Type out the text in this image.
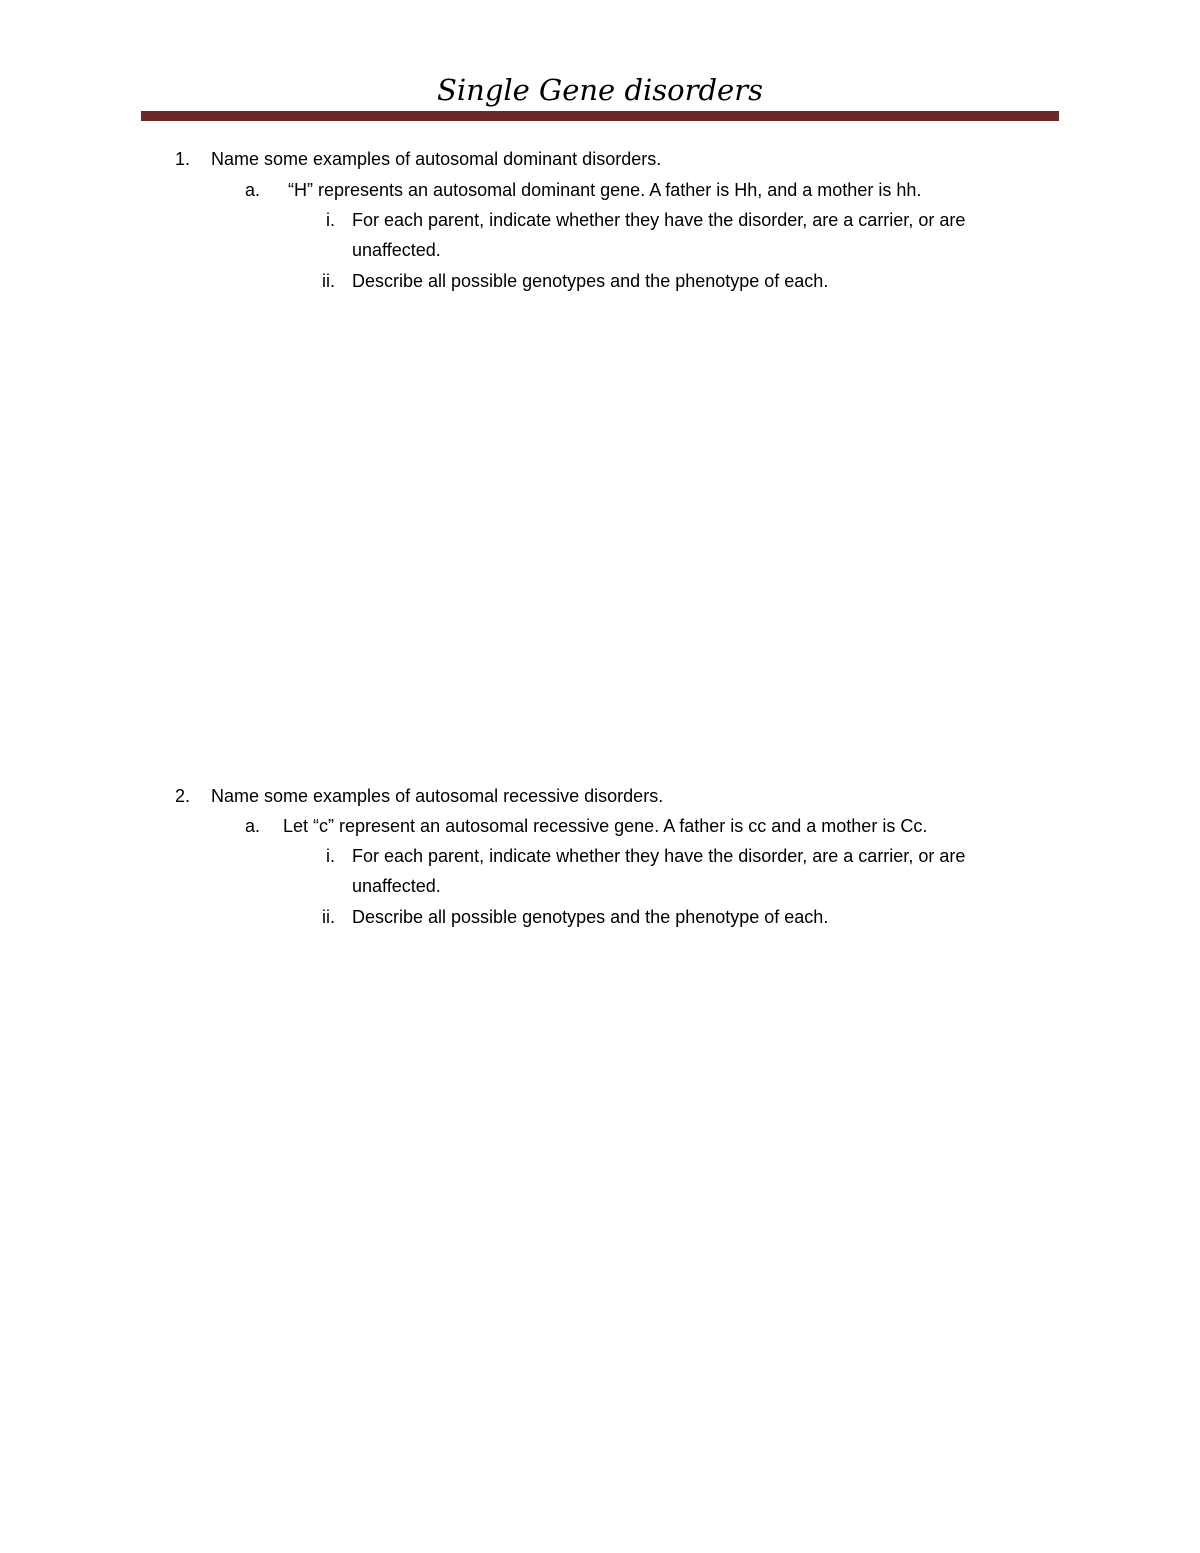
Single Gene disorders
1. Name some examples of autosomal dominant disorders.
a. “H” represents an autosomal dominant gene. A father is Hh, and a mother is hh.
i. For each parent, indicate whether they have the disorder, are a carrier, or are
unaffected.
ii. Describe all possible genotypes and the phenotype of each.
2. Name some examples of autosomal recessive disorders.
a. Let “c” represent an autosomal recessive gene. A father is cc and a mother is Cc.
i. For each parent, indicate whether they have the disorder, are a carrier, or are
unaffected.
ii. Describe all possible genotypes and the phenotype of each.
